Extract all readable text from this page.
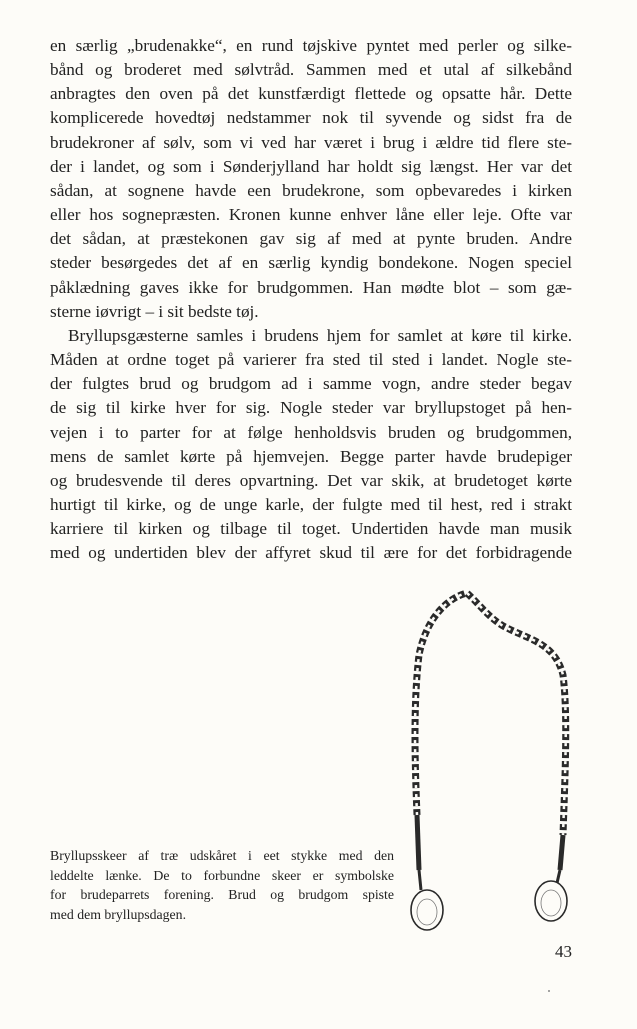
en særlig „brudenakke“, en rund tøjskive pyntet med perler og silke-
bånd og broderet med sølvtråd. Sammen med et utal af silkebånd
anbragtes den oven på det kunstfærdigt flettede og opsatte hår. Dette
komplicerede hovedtøj nedstammer nok til syvende og sidst fra de
brudekroner af sølv, som vi ved har været i brug i ældre tid flere ste-
der i landet, og som i Sønderjylland har holdt sig længst. Her var det
sådan, at sognene havde een brudekrone, som opbevaredes i kirken
eller hos sognepræsten. Kronen kunne enhver låne eller leje. Ofte var
det sådan, at præstekonen gav sig af med at pynte bruden. Andre
steder besørgedes det af en særlig kyndig bondekone. Nogen speciel
påklædning gaves ikke for brudgommen. Han mødte blot – som gæ-
sterne iøvrigt – i sit bedste tøj.

Bryllupsgæsterne samles i brudens hjem for samlet at køre til kirke.
Måden at ordne toget på varierer fra sted til sted i landet. Nogle ste-
der fulgtes brud og brudgom ad i samme vogn, andre steder begav
de sig til kirke hver for sig. Nogle steder var bryllupstoget på hen-
vejen i to parter for at følge henholdsvis bruden og brudgommen,
mens de samlet kørte på hjemvejen. Begge parter havde brudepiger
og brudesvende til deres opvartning. Det var skik, at brudetoget kørte
hurtigt til kirke, og de unge karle, der fulgte med til hest, red i strakt
karriere til kirken og tilbage til toget. Undertiden havde man musik
med og undertiden blev der affyret skud til ære for det forbidragende

Bryllupsskeer af træ udskåret i eet stykke med den
leddelte lænke. De to forbundne skeer er symbolske
for brudeparrets forening. Brud og brudgom spiste
med dem bryllupsdagen.
43
